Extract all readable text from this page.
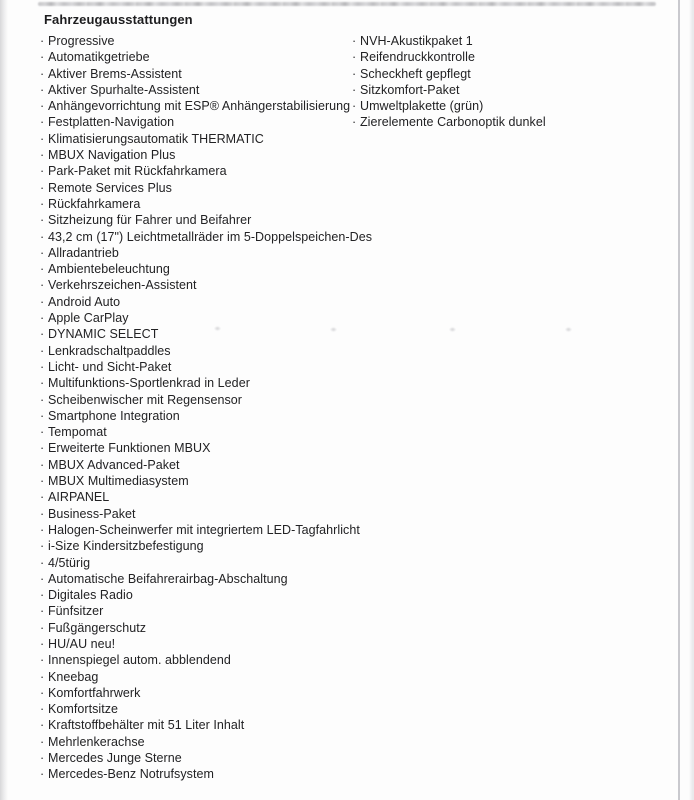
Fahrzeugausstattungen
· Progressive
· Automatikgetriebe
· Aktiver Brems-Assistent
· Aktiver Spurhalte-Assistent
· Anhängevorrichtung mit ESP® Anhängerstabilisierung
· Festplatten-Navigation
· Klimatisierungsautomatik THERMATIC
· MBUX Navigation Plus
· Park-Paket mit Rückfahrkamera
· Remote Services Plus
· Rückfahrkamera
· Sitzheizung für Fahrer und Beifahrer
· 43,2 cm (17") Leichtmetallräder im 5-Doppelspeichen-Des
· Allradantrieb
· Ambientebeleuchtung
· Verkehrszeichen-Assistent
· Android Auto
· Apple CarPlay
· DYNAMIC SELECT
· Lenkradschaltpaddles
· Licht- und Sicht-Paket
· Multifunktions-Sportlenkrad in Leder
· Scheibenwischer mit Regensensor
· Smartphone Integration
· Tempomat
· Erweiterte Funktionen MBUX
· MBUX Advanced-Paket
· MBUX Multimediasystem
· AIRPANEL
· Business-Paket
· Halogen-Scheinwerfer mit integriertem LED-Tagfahrlicht
· i-Size Kindersitzbefestigung
· 4/5türig
· Automatische Beifahrerairbag-Abschaltung
· Digitales Radio
· Fünfsitzer
· Fußgängerschutz
· HU/AU neu!
· Innenspiegel autom. abblendend
· Kneebag
· Komfortfahrwerk
· Komfortsitze
· Kraftstoffbehälter mit 51 Liter Inhalt
· Mehrlenkerachse
· Mercedes Junge Sterne
· Mercedes-Benz Notrufsystem
· NVH-Akustikpaket 1
· Reifendruckkontrolle
· Scheckheft gepflegt
· Sitzkomfort-Paket
· Umweltplakette (grün)
· Zierelemente Carbonoptik dunkel
